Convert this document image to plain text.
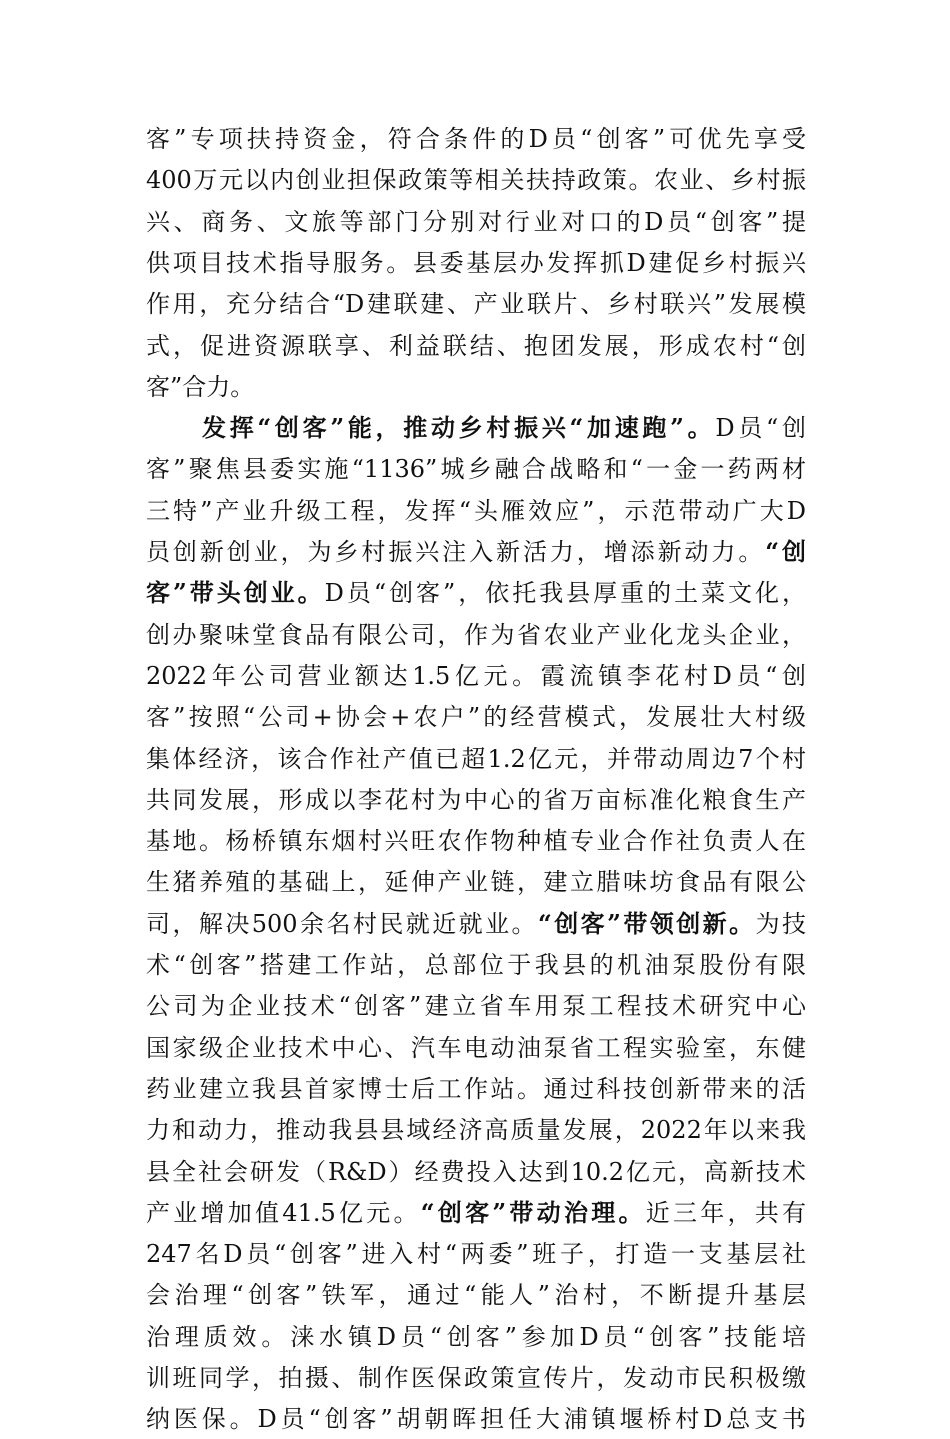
客”专项扶持资金，符合条件的D员“创客”可优先享受
400万元以内创业担保政策等相关扶持政策。农业、乡村振
兴、商务、文旅等部门分别对行业对口的D员“创客”提
供项目技术指导服务。县委基层办发挥抓D建促乡村振兴
作用，充分结合“D建联建、产业联片、乡村联兴”发展模
式，促进资源联享、利益联结、抱团发展，形成农村“创
客”合力。
发挥“创客”能，推动乡村振兴“加速跑”。D员“创
客”聚焦县委实施“1136”城乡融合战略和“一金一药两材
三特”产业升级工程，发挥“头雁效应”，示范带动广大D
员创新创业，为乡村振兴注入新活力，增添新动力。“创
客”带头创业。D员“创客”，依托我县厚重的土菜文化，
创办聚味堂食品有限公司，作为省农业产业化龙头企业，
2022年公司营业额达1.5亿元。霞流镇李花村D员“创
客”按照“公司+协会+农户”的经营模式，发展壮大村级
集体经济，该合作社产值已超1.2亿元，并带动周边7个村
共同发展，形成以李花村为中心的省万亩标准化粮食生产
基地。杨桥镇东烟村兴旺农作物种植专业合作社负责人在
生猪养殖的基础上，延伸产业链，建立腊味坊食品有限公
司，解决500余名村民就近就业。“创客”带领创新。为技
术“创客”搭建工作站，总部位于我县的机油泵股份有限
公司为企业技术“创客”建立省车用泵工程技术研究中心
国家级企业技术中心、汽车电动油泵省工程实验室，东健
药业建立我县首家博士后工作站。通过科技创新带来的活
力和动力，推动我县县域经济高质量发展，2022年以来我
县全社会研发（R&D）经费投入达到10.2亿元，高新技术
产业增加值41.5亿元。“创客”带动治理。近三年，共有
247名D员“创客”进入村“两委”班子，打造一支基层社
会治理“创客”铁军，通过“能人”治村，不断提升基层
治理质效。涞水镇D员“创客”参加D员“创客”技能培
训班同学，拍摄、制作医保政策宣传片，发动市民积极缴
纳医保。D员“创客”胡朝晖担任大浦镇堰桥村D总支书
